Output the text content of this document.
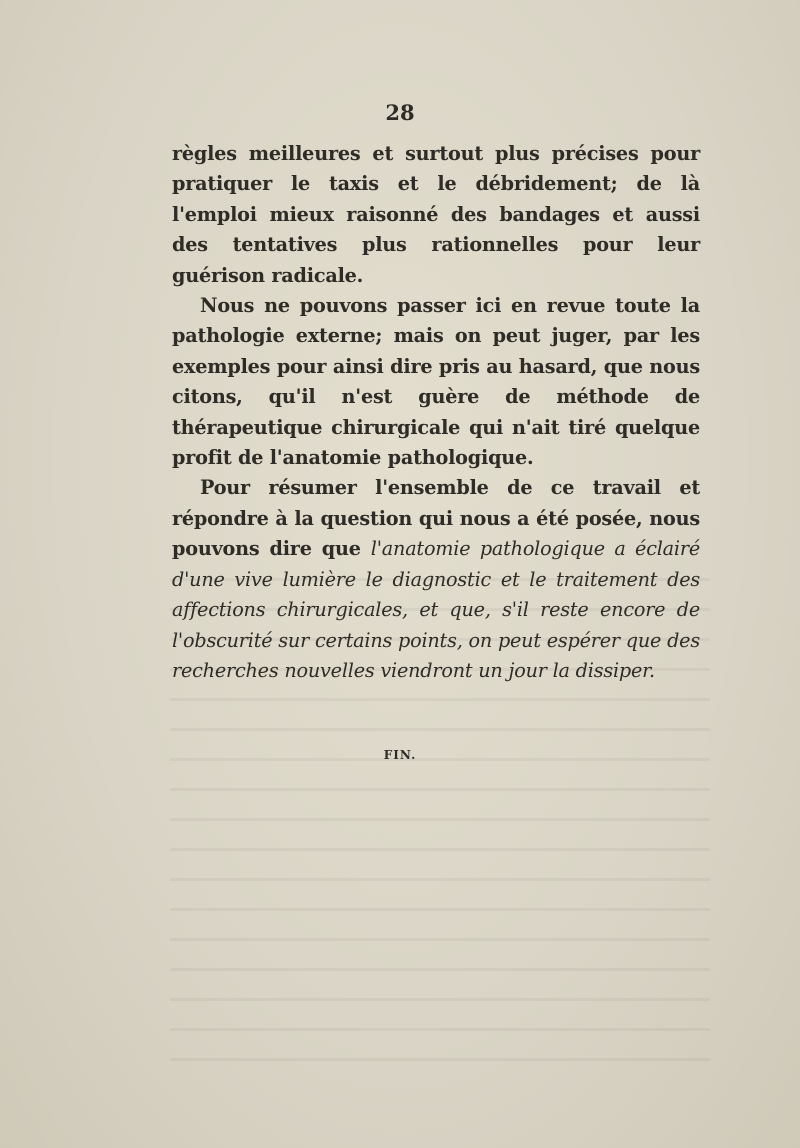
28

règles meilleures et surtout plus précises pour pratiquer le taxis et le débridement; de là l'emploi mieux raisonné des bandages et aussi des tentatives plus rationnelles pour leur guérison radicale.

Nous ne pouvons passer ici en revue toute la pathologie externe; mais on peut juger, par les exemples pour ainsi dire pris au hasard, que nous citons, qu'il n'est guère de méthode de thérapeutique chirurgicale qui n'ait tiré quelque profit de l'anatomie pathologique.

Pour résumer l'ensemble de ce travail et répondre à la question qui nous a été posée, nous pouvons dire que l'anatomie pathologique a éclairé d'une vive lumière le diagnostic et le traitement des affections chirurgicales, et que, s'il reste encore de l'obscurité sur certains points, on peut espérer que des recherches nouvelles viendront un jour la dissiper.

FIN.
